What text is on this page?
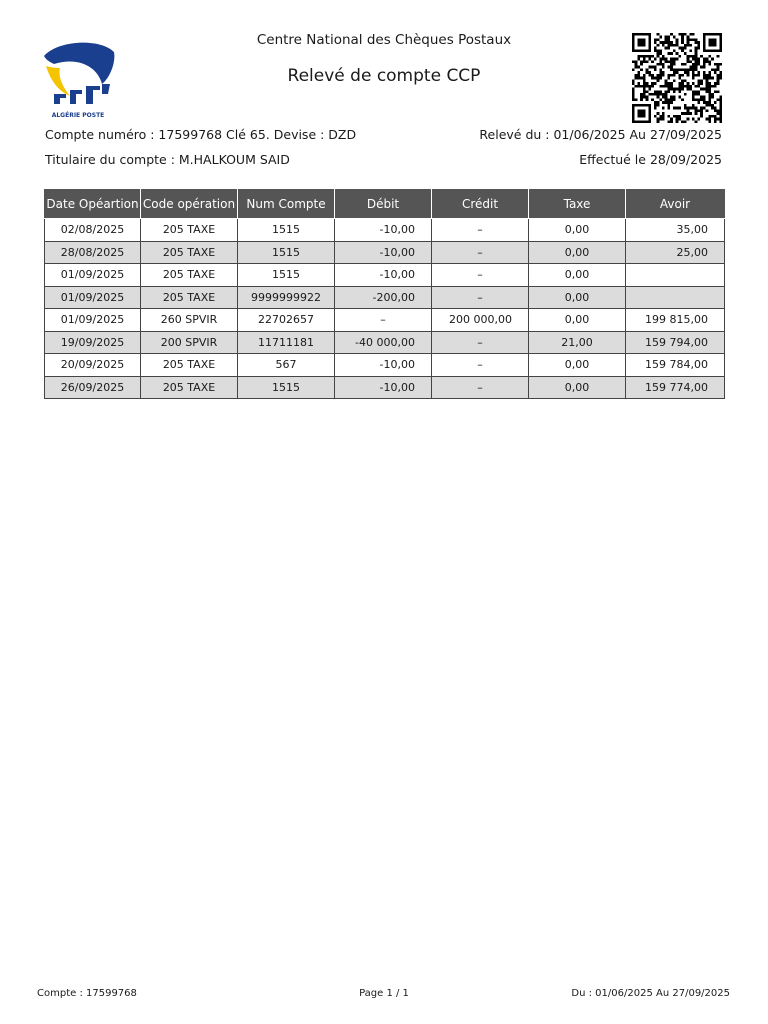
ALGÉRIE POSTE
Centre National des Chèques Postaux
Relevé de compte CCP
Compte numéro : 17599768 Clé 65. Devise : DZD	Relevé du : 01/06/2025 Au 27/09/2025
Titulaire du compte : M.HALKOUM SAID	Effectué le 28/09/2025
Date Opéartion	Code opération	Num Compte	Débit	Crédit	Taxe	Avoir
02/08/2025	205 TAXE	1515	-10,00	–	0,00	35,00
28/08/2025	205 TAXE	1515	-10,00	–	0,00	25,00
01/09/2025	205 TAXE	1515	-10,00	–	0,00	
01/09/2025	205 TAXE	9999999922	-200,00	–	0,00	
01/09/2025	260 SPVIR	22702657	–	200 000,00	0,00	199 815,00
19/09/2025	200 SPVIR	11711181	-40 000,00	–	21,00	159 794,00
20/09/2025	205 TAXE	567	-10,00	–	0,00	159 784,00
26/09/2025	205 TAXE	1515	-10,00	–	0,00	159 774,00
Compte : 17599768	Page 1 / 1	Du : 01/06/2025 Au 27/09/2025
